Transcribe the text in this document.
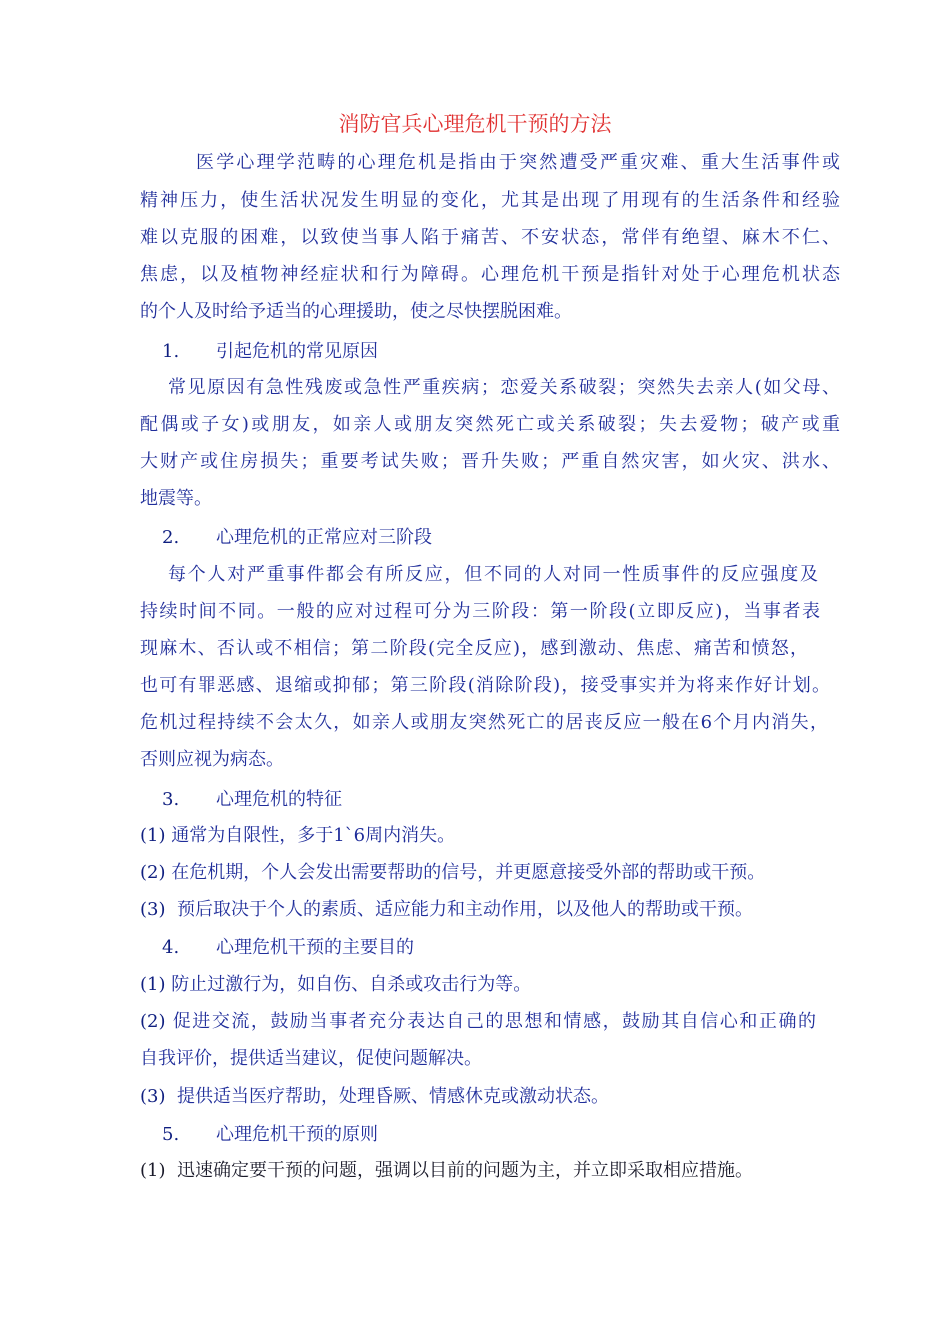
消防官兵心理危机干预的方法
医学心理学范畴的心理危机是指由于突然遭受严重灾难、重大生活事件或
精神压力，使生活状况发生明显的变化，尤其是出现了用现有的生活条件和经验
难以克服的困难，以致使当事人陷于痛苦、不安状态，常伴有绝望、麻木不仁、
焦虑，以及植物神经症状和行为障碍。心理危机干预是指针对处于心理危机状态
的个人及时给予适当的心理援助，使之尽快摆脱困难。
1. 引起危机的常见原因
常见原因有急性残废或急性严重疾病；恋爱关系破裂；突然失去亲人(如父母、
配偶或子女)或朋友，如亲人或朋友突然死亡或关系破裂；失去爱物；破产或重
大财产或住房损失；重要考试失败；晋升失败；严重自然灾害，如火灾、洪水、
地震等。
2. 心理危机的正常应对三阶段
每个人对严重事件都会有所反应，但不同的人对同一性质事件的反应强度及
持续时间不同。一般的应对过程可分为三阶段：第一阶段(立即反应)，当事者表
现麻木、否认或不相信；第二阶段(完全反应)，感到激动、焦虑、痛苦和愤怒，
也可有罪恶感、退缩或抑郁；第三阶段(消除阶段)，接受事实并为将来作好计划。
危机过程持续不会太久，如亲人或朋友突然死亡的居丧反应一般在6个月内消失，
否则应视为病态。
3. 心理危机的特征
(1) 通常为自限性，多于1`6周内消失。
(2) 在危机期，个人会发出需要帮助的信号，并更愿意接受外部的帮助或干预。
(3) 预后取决于个人的素质、适应能力和主动作用，以及他人的帮助或干预。
4. 心理危机干预的主要目的
(1) 防止过激行为，如自伤、自杀或攻击行为等。
(2) 促进交流，鼓励当事者充分表达自己的思想和情感，鼓励其自信心和正确的
自我评价，提供适当建议，促使问题解决。
(3) 提供适当医疗帮助，处理昏厥、情感休克或激动状态。
5. 心理危机干预的原则
(1) 迅速确定要干预的问题，强调以目前的问题为主，并立即采取相应措施。
